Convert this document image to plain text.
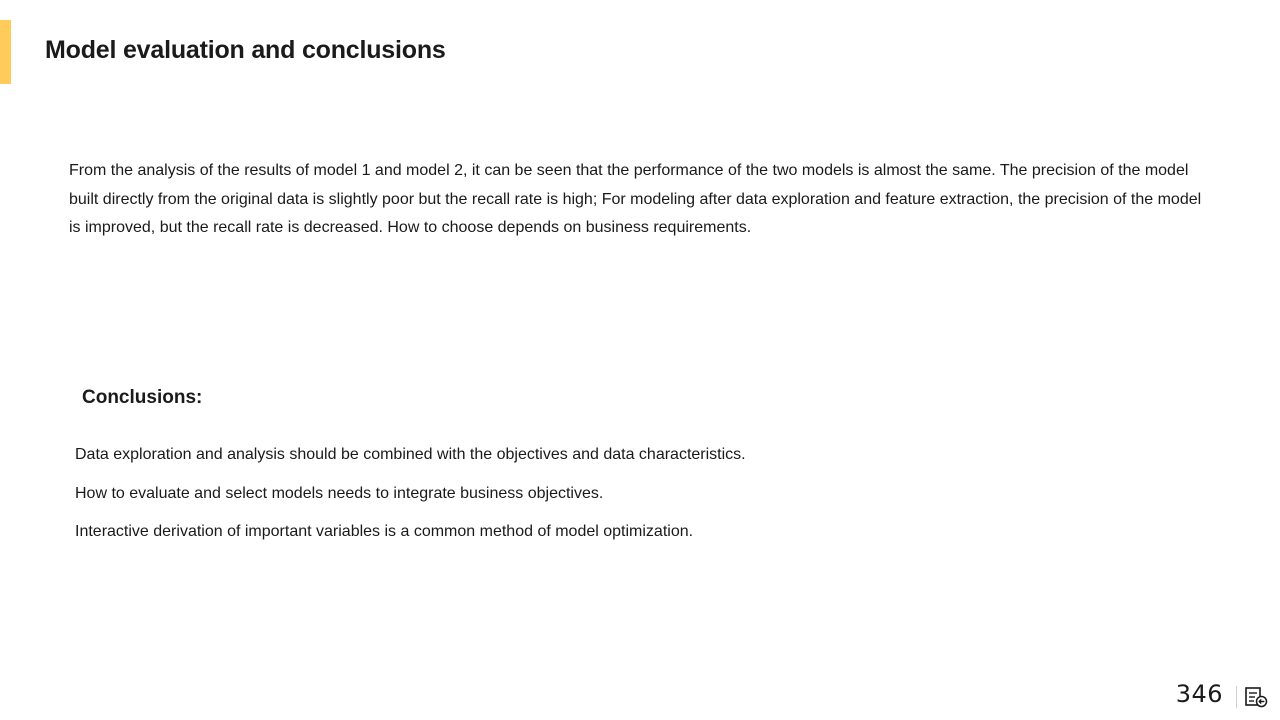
Model evaluation and conclusions

From the analysis of the results of model 1 and model 2, it can be seen that the performance of the two models is almost the same. The precision of the model built directly from the original data is slightly poor but the recall rate is high; For modeling after data exploration and feature extraction, the precision of the model is improved, but the recall rate is decreased. How to choose depends on business requirements.

Conclusions:
Data exploration and analysis should be combined with the objectives and data characteristics.
How to evaluate and select models needs to integrate business objectives.
Interactive derivation of important variables is a common method of model optimization.
346
